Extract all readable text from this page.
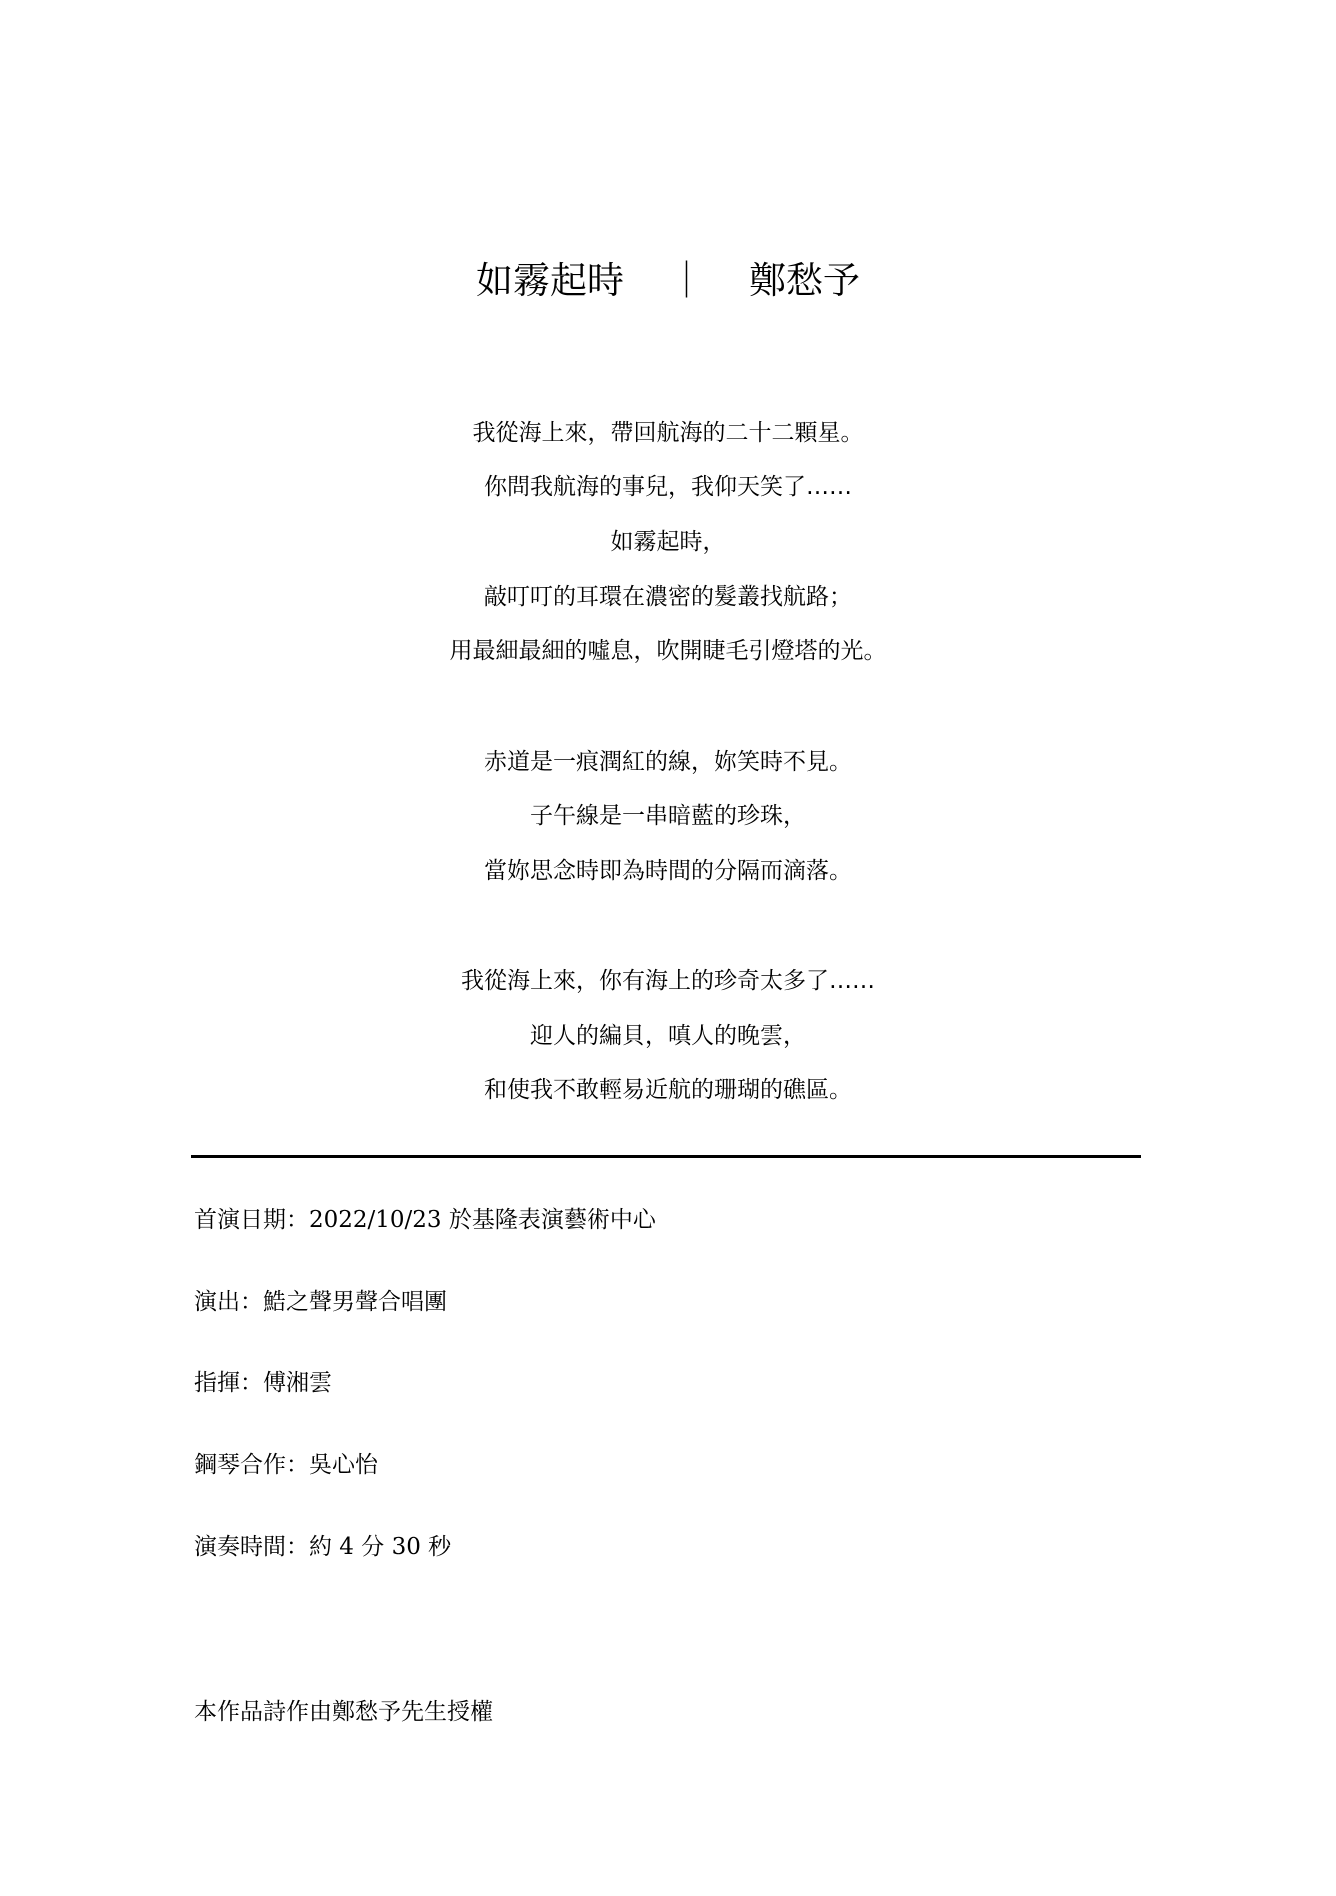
如霧起時 ｜ 鄭愁予
我從海上來，帶回航海的二十二顆星。
你問我航海的事兒，我仰天笑了……
如霧起時，
敲叮叮的耳環在濃密的髮叢找航路；
用最細最細的噓息，吹開睫毛引燈塔的光。
赤道是一痕潤紅的線，妳笑時不見。
子午線是一串暗藍的珍珠，
當妳思念時即為時間的分隔而滴落。
我從海上來，你有海上的珍奇太多了……
迎人的編貝，嗔人的晚雲，
和使我不敢輕易近航的珊瑚的礁區。
首演日期：2022/10/23 於基隆表演藝術中心
演出：鯌之聲男聲合唱團
指揮：傅湘雲
鋼琴合作：吳心怡
演奏時間：約 4 分 30 秒
本作品詩作由鄭愁予先生授權
